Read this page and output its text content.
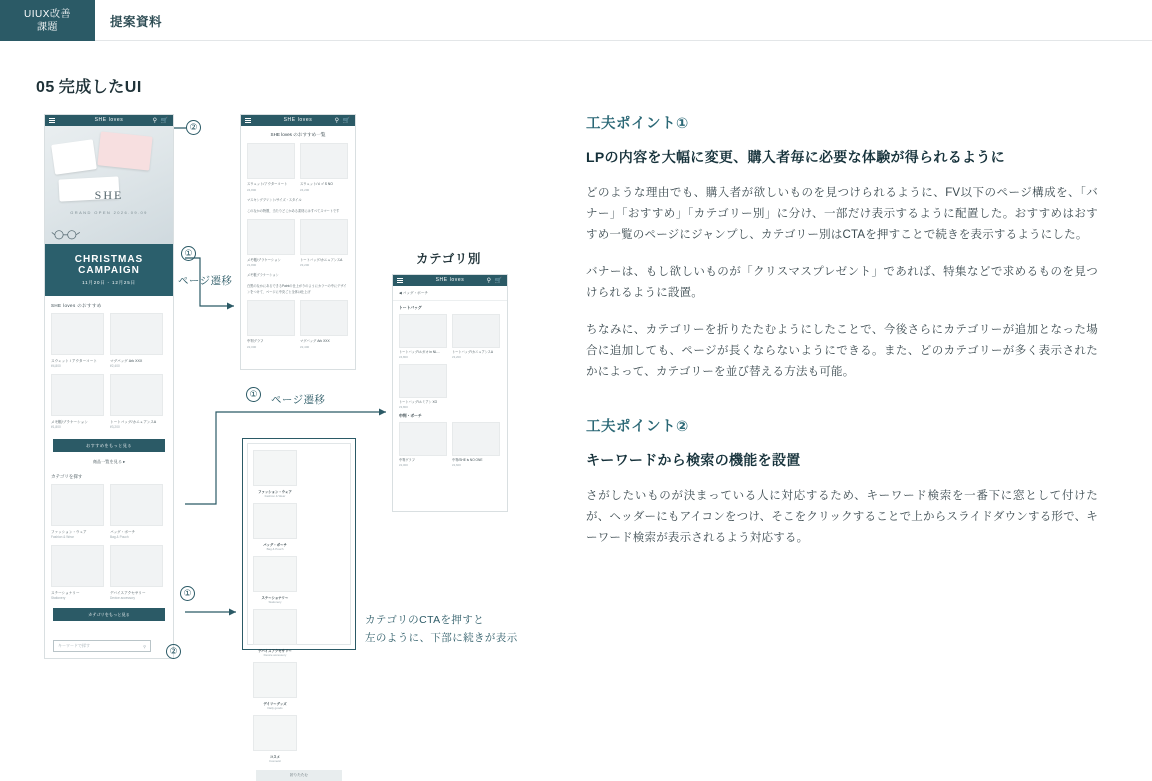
UIUX改善
課題	提案資料
05 完成したUI
SHE loves	⚲ 🛒
SHE
GRAND OPEN 2026.09.09
CHRISTMAS
CAMPAIGN
11月20日 - 12月25日
SHE loves のおすすめ
スウェット / アウターコート
¥4,800
マグバッグ Ark XXX
¥2,400
メモ帳/ブラケーション
¥1,800
トートバッグ/カニュアンスA
¥3,200
おすすめをもっと見る
商品一覧を見る ▸
カテゴリを探す
ファッション・ウェア
Fashion & Wear
バッグ・ポーチ
Bag & Pouch
ステーショナリー
Stationery
デバイスアクセサリー
Device accessory
カテゴリをもっと見る
キーワードで探す	⚲
SHE loves	⚲ 🛒
SHE loves のおすすめ一覧
スウェット/アウターコート
¥4,800
スウェット/ロゴ S NO
¥4,200
マスキングプリント/サイズ・スタイル
このなかの特徴、当たりどこかある素材にはすべてスマートです
メモ帳/ブラケーション
¥1,800
トートバッグ/カニュアンスA
¥3,200
メモ帳ブラケーション
白黒のなかにあるできるPaintの仕上がりのようにカラーの中にデザインをつけて、ページに中央ごと全体は仕上げ
中判グラフ
¥2,000
マグバッグ Ark XXX
¥2,400
カテゴリ別
SHE loves	⚲ 🛒
◀ バッグ・ポーチ
トートバッグ
トートバッグ/ルガオ in NL…
¥4,800
トートバッグ/カニュアンスA
¥3,200
トートバッグ/ルミアン XO
¥3,800
中判・ボーチ
中判グラフ
¥2,000
中判/SHE is NO ONE
¥2,600
ファッション・ウェア
Fashion & Wear
バッグ・ポーチ
Bag & Pouch
ステーショナリー
Stationery
デバイスアクセサリー
Device accessory
デイリーグッズ
Daily goods
コスメ
Cosmetic
折りたたむ
②
①
ページ遷移
①	ページ遷移
①
②
カテゴリのCTAを押すと
左のように、下部に続きが表示
工夫ポイント①
LPの内容を大幅に変更、購入者毎に必要な体験が得られるように
どのような理由でも、購入者が欲しいものを見つけられるように、FV以下のページ構成を、「バナー」「おすすめ」「カテゴリー別」に分け、一部だけ表示するように配置した。おすすめはおすすめ一覧のページにジャンプし、カテゴリー別はCTAを押すことで続きを表示するようにした。
バナーは、もし欲しいものが「クリスマスプレゼント」であれば、特集などで求めるものを見つけられるように設置。
ちなみに、カテゴリーを折りたたむようにしたことで、今後さらにカテゴリーが追加となった場合に追加しても、ページが長くならないようにできる。また、どのカテゴリーが多く表示されたかによって、カテゴリーを並び替える方法も可能。
工夫ポイント②
キーワードから検索の機能を設置
さがしたいものが決まっている人に対応するため、キーワード検索を一番下に窓として付けたが、ヘッダーにもアイコンをつけ、そこをクリックすることで上からスライドダウンする形で、キーワード検索が表示されるよう対応する。
